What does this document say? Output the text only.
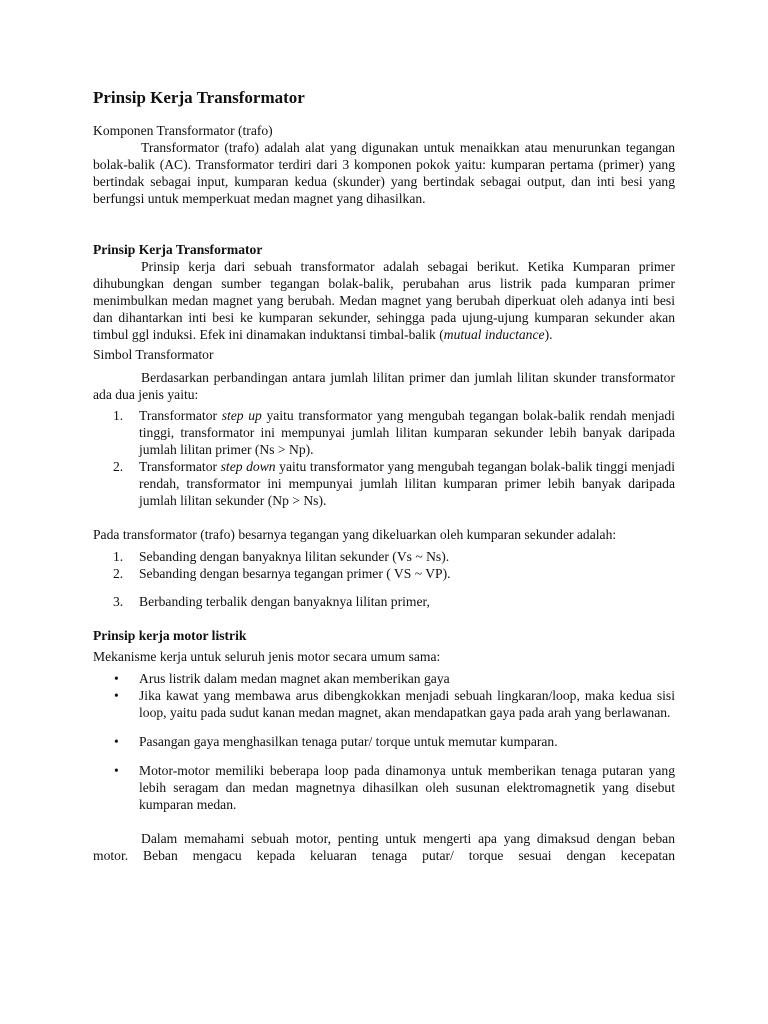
Prinsip Kerja Transformator

Komponen Transformator (trafo)

Transformator (trafo) adalah alat yang digunakan untuk menaikkan atau menurunkan tegangan bolak-balik (AC). Transformator terdiri dari 3 komponen pokok yaitu: kumparan pertama (primer) yang bertindak sebagai input, kumparan kedua (skunder) yang bertindak sebagai output, dan inti besi yang berfungsi untuk memperkuat medan magnet yang dihasilkan.

Prinsip Kerja Transformator

Prinsip kerja dari sebuah transformator adalah sebagai berikut. Ketika Kumparan primer dihubungkan dengan sumber tegangan bolak-balik, perubahan arus listrik pada kumparan primer menimbulkan medan magnet yang berubah. Medan magnet yang berubah diperkuat oleh adanya inti besi dan dihantarkan inti besi ke kumparan sekunder, sehingga pada ujung-ujung kumparan sekunder akan timbul ggl induksi. Efek ini dinamakan induktansi timbal-balik (mutual inductance).

Simbol Transformator

Berdasarkan perbandingan antara jumlah lilitan primer dan jumlah lilitan skunder transformator ada dua jenis yaitu:

1. Transformator step up yaitu transformator yang mengubah tegangan bolak-balik rendah menjadi tinggi, transformator ini mempunyai jumlah lilitan kumparan sekunder lebih banyak daripada jumlah lilitan primer (Ns > Np).
2. Transformator step down yaitu transformator yang mengubah tegangan bolak-balik tinggi menjadi rendah, transformator ini mempunyai jumlah lilitan kumparan primer lebih banyak daripada jumlah lilitan sekunder (Np > Ns).

Pada transformator (trafo) besarnya tegangan yang dikeluarkan oleh kumparan sekunder adalah:

1. Sebanding dengan banyaknya lilitan sekunder (Vs ~ Ns).
2. Sebanding dengan besarnya tegangan primer ( VS ~ VP).
3. Berbanding terbalik dengan banyaknya lilitan primer,
Prinsip kerja motor listrik

Mekanisme kerja untuk seluruh jenis motor secara umum sama:

• Arus listrik dalam medan magnet akan memberikan gaya
• Jika kawat yang membawa arus dibengkokkan menjadi sebuah lingkaran/loop, maka kedua sisi loop, yaitu pada sudut kanan medan magnet, akan mendapatkan gaya pada arah yang berlawanan.
• Pasangan gaya menghasilkan tenaga putar/ torque untuk memutar kumparan.
• Motor-motor memiliki beberapa loop pada dinamonya untuk memberikan tenaga putaran yang lebih seragam dan medan magnetnya dihasilkan oleh susunan elektromagnetik yang disebut kumparan medan.

Dalam memahami sebuah motor, penting untuk mengerti apa yang dimaksud dengan beban motor. Beban mengacu kepada keluaran tenaga putar/ torque sesuai dengan kecepatan
